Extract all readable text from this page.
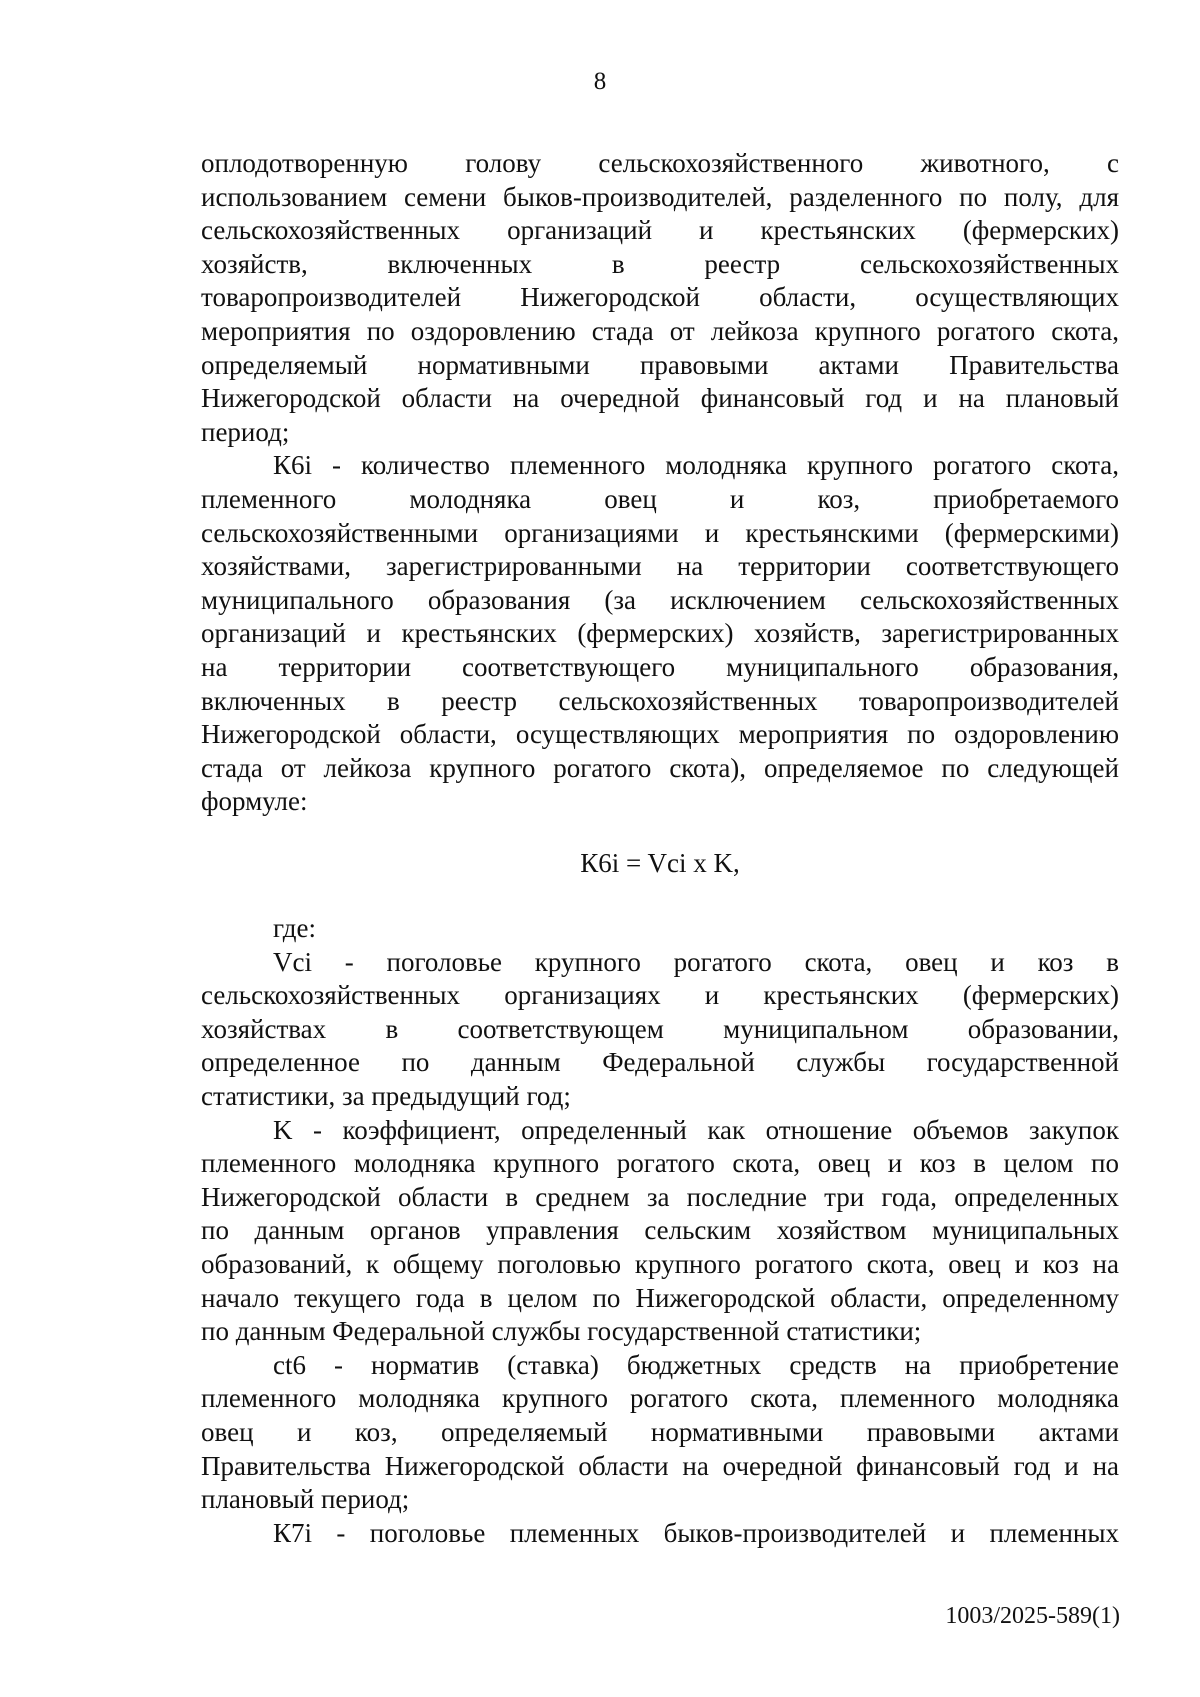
8
оплодотворенную голову сельскохозяйственного животного, с
использованием семени быков-производителей, разделенного по полу, для
сельскохозяйственных организаций и крестьянских (фермерских)
хозяйств, включенных в реестр сельскохозяйственных
товаропроизводителей Нижегородской области, осуществляющих
мероприятия по оздоровлению стада от лейкоза крупного рогатого скота,
определяемый нормативными правовыми актами Правительства
Нижегородской области на очередной финансовый год и на плановый
период;
К6i - количество племенного молодняка крупного рогатого скота,
племенного молодняка овец и коз, приобретаемого
сельскохозяйственными организациями и крестьянскими (фермерскими)
хозяйствами, зарегистрированными на территории соответствующего
муниципального образования (за исключением сельскохозяйственных
организаций и крестьянских (фермерских) хозяйств, зарегистрированных
на территории соответствующего муниципального образования,
включенных в реестр сельскохозяйственных товаропроизводителей
Нижегородской области, осуществляющих мероприятия по оздоровлению
стада от лейкоза крупного рогатого скота), определяемое по следующей
формуле:
К6i = Vci x K,
где:
Vci - поголовье крупного рогатого скота, овец и коз в
сельскохозяйственных организациях и крестьянских (фермерских)
хозяйствах в соответствующем муниципальном образовании,
определенное по данным Федеральной службы государственной
статистики, за предыдущий год;
K - коэффициент, определенный как отношение объемов закупок
племенного молодняка крупного рогатого скота, овец и коз в целом по
Нижегородской области в среднем за последние три года, определенных
по данным органов управления сельским хозяйством муниципальных
образований, к общему поголовью крупного рогатого скота, овец и коз на
начало текущего года в целом по Нижегородской области, определенному
по данным Федеральной службы государственной статистики;
ct6 - норматив (ставка) бюджетных средств на приобретение
племенного молодняка крупного рогатого скота, племенного молодняка
овец и коз, определяемый нормативными правовыми актами
Правительства Нижегородской области на очередной финансовый год и на
плановый период;
К7i - поголовье племенных быков-производителей и племенных
1003/2025-589(1)
